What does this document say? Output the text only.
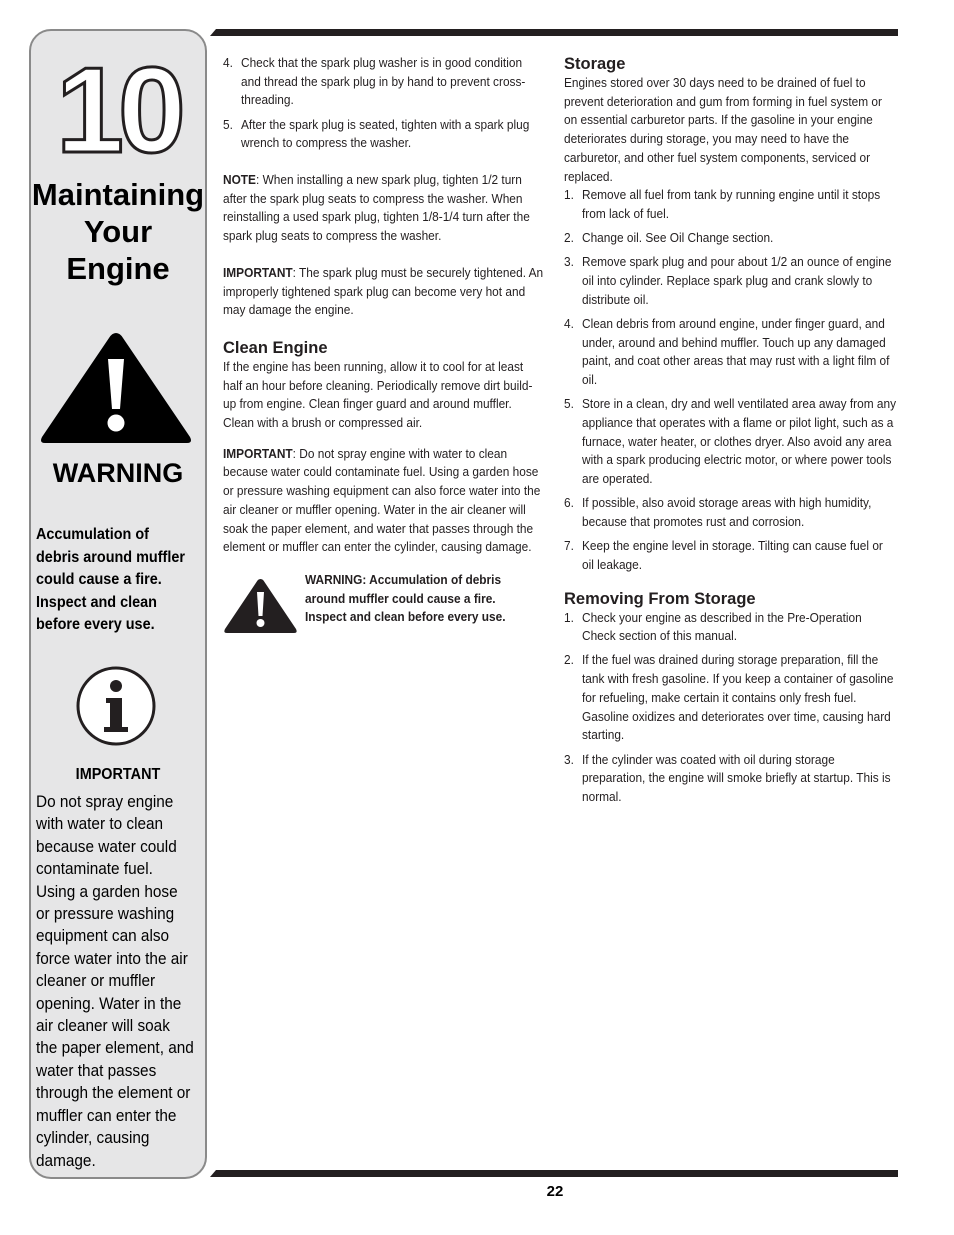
10
Maintaining
Your
Engine
WARNING
Accumulation of debris around muffler could cause a fire. Inspect and clean before every use.
IMPORTANT
Do not spray engine with water to clean because water could contaminate fuel. Using a garden hose or pressure washing equipment can also force water into the air cleaner or muffler opening. Water in the air cleaner will soak the paper element, and water that passes through the element or muffler can enter the cylinder, causing damage.
4. Check that the spark plug washer is in good condition and thread the spark plug in by hand to prevent cross-threading.
5. After the spark plug is seated, tighten with a spark plug wrench to compress the washer.

NOTE: When installing a new spark plug, tighten 1/2 turn after the spark plug seats to compress the washer. When reinstalling a used spark plug, tighten 1/8-1/4 turn after the spark plug seats to compress the washer.

IMPORTANT: The spark plug must be securely tightened. An improperly tightened spark plug can become very hot and may damage the engine.

Clean Engine

If the engine has been running, allow it to cool for at least half an hour before cleaning. Periodically remove dirt build-up from engine. Clean finger guard and around muffler. Clean with a brush or compressed air.

IMPORTANT: Do not spray engine with water to clean because water could contaminate fuel. Using a garden hose or pressure washing equipment can also force water into the air cleaner or muffler opening. Water in the air cleaner will soak the paper element, and water that passes through the element or muffler can enter the cylinder, causing damage.

WARNING: Accumulation of debris around muffler could cause a fire. Inspect and clean before every use.
Storage

Engines stored over 30 days need to be drained of fuel to prevent deterioration and gum from forming in fuel system or on essential carburetor parts. If the gasoline in your engine deteriorates during storage, you may need to have the carburetor, and other fuel system components, serviced or replaced.

1. Remove all fuel from tank by running engine until it stops from lack of fuel.
2. Change oil. See Oil Change section.
3. Remove spark plug and pour about 1/2 an ounce of engine oil into cylinder. Replace spark plug and crank slowly to distribute oil.
4. Clean debris from around engine, under finger guard, and under, around and behind muffler. Touch up any damaged paint, and coat other areas that may rust with a light film of oil.
5. Store in a clean, dry and well ventilated area away from any appliance that operates with a flame or pilot light, such as a furnace, water heater, or clothes dryer. Also avoid any area with a spark producing electric motor, or where power tools are operated.
6. If possible, also avoid storage areas with high humidity, because that promotes rust and corrosion.
7. Keep the engine level in storage. Tilting can cause fuel or oil leakage.
Removing From Storage
1. Check your engine as described in the Pre-Operation Check section of this manual.
2. If the fuel was drained during storage preparation, fill the tank with fresh gasoline. If you keep a container of gasoline for refueling, make certain it contains only fresh fuel. Gasoline oxidizes and deteriorates over time, causing hard starting.
3. If the cylinder was coated with oil during storage preparation, the engine will smoke briefly at startup. This is normal.
22
